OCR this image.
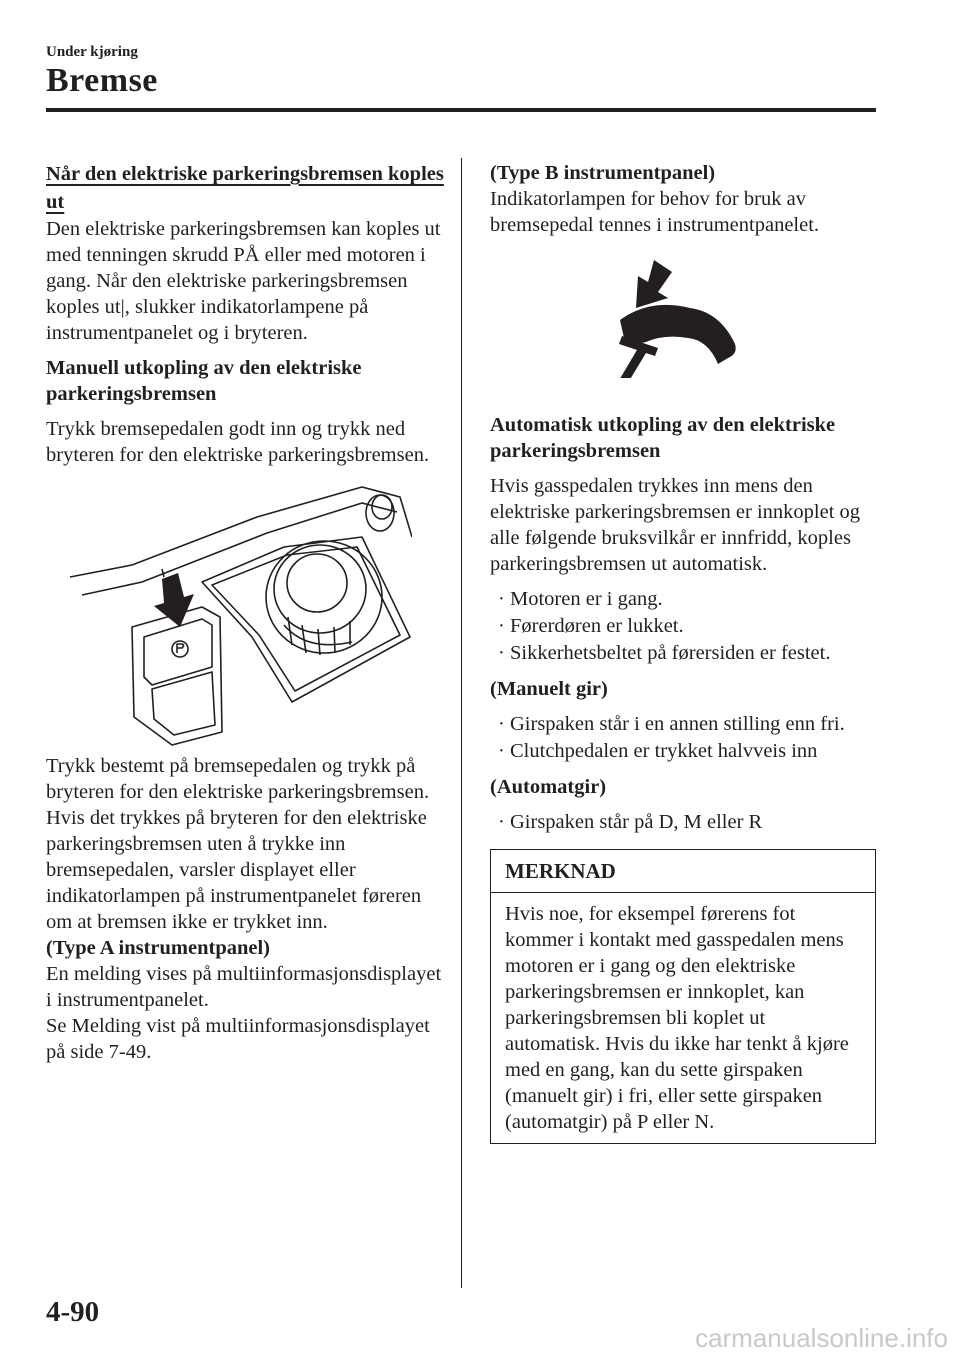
Under kjøring
Bremse

Når den elektriske parkeringsbremsen koples ut

Den elektriske parkeringsbremsen kan koples ut med tenningen skrudd PÅ eller med motoren i gang. Når den elektriske parkeringsbremsen koples ut|, slukker indikatorlampene på instrumentpanelet og i bryteren.

Manuell utkopling av den elektriske parkeringsbremsen

Trykk bremsepedalen godt inn og trykk ned bryteren for den elektriske parkeringsbremsen.

Trykk bestemt på bremsepedalen og trykk på bryteren for den elektriske parkeringsbremsen.

Hvis det trykkes på bryteren for den elektriske parkeringsbremsen uten å trykke inn bremsepedalen, varsler displayet eller indikatorlampen på instrumentpanelet føreren om at bremsen ikke er trykket inn.

(Type A instrumentpanel)

En melding vises på multiinformasjonsdisplayet i instrumentpanelet.

Se Melding vist på multiinformasjonsdisplayet på side 7-49.

(Type B instrumentpanel)

Indikatorlampen for behov for bruk av bremsepedal tennes i instrumentpanelet.

Automatisk utkopling av den elektriske parkeringsbremsen

Hvis gasspedalen trykkes inn mens den elektriske parkeringsbremsen er innkoplet og alle følgende bruksvilkår er innfridd, koples parkeringsbremsen ut automatisk.

· Motoren er i gang.
· Førerdøren er lukket.
· Sikkerhetsbeltet på førersiden er festet.

(Manuelt gir)

· Girspaken står i en annen stilling enn fri.
· Clutchpedalen er trykket halvveis inn

(Automatgir)

· Girspaken står på D, M eller R
MERKNAD
Hvis noe, for eksempel førerens fot kommer i kontakt med gasspedalen mens motoren er i gang og den elektriske parkeringsbremsen er innkoplet, kan parkeringsbremsen bli koplet ut automatisk. Hvis du ikke har tenkt å kjøre med en gang, kan du sette girspaken (manuelt gir) i fri, eller sette girspaken (automatgir) på P eller N.
4-90
carmanualsonline.info
